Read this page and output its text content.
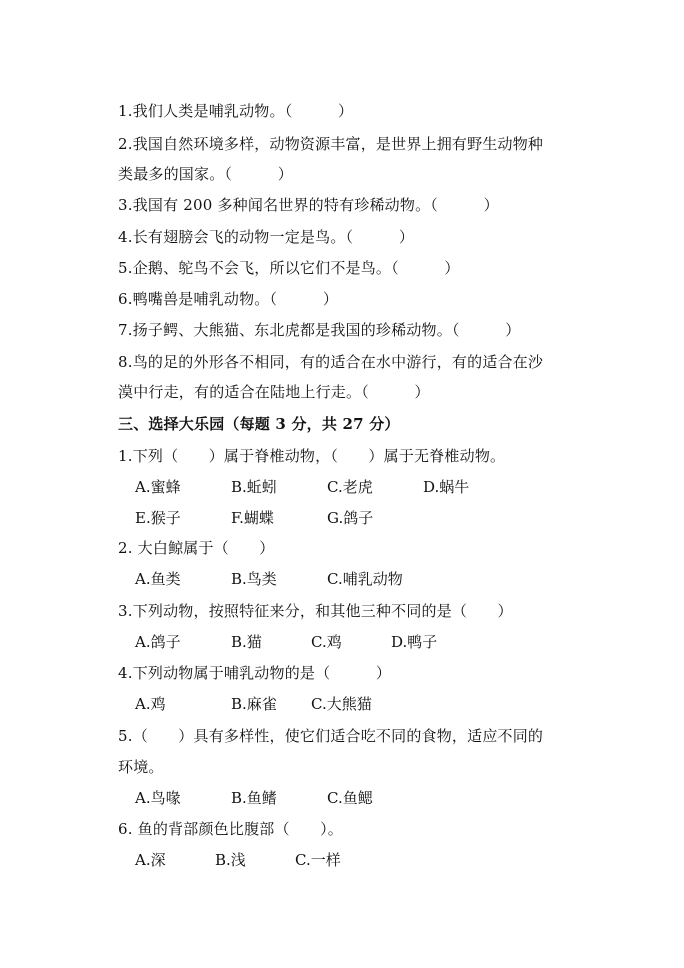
1.我们人类是哺乳动物。（　　　）
2.我国自然环境多样，动物资源丰富，是世界上拥有野生动物种
类最多的国家。（　　　）
3.我国有 200 多种闻名世界的特有珍稀动物。（　　　）
4.长有翅膀会飞的动物一定是鸟。（　　　）
5.企鹅、鸵鸟不会飞，所以它们不是鸟。（　　　）
6.鸭嘴兽是哺乳动物。（　　　）
7.扬子鳄、大熊猫、东北虎都是我国的珍稀动物。（　　　）
8.鸟的足的外形各不相同，有的适合在水中游行，有的适合在沙
漠中行走，有的适合在陆地上行走。（　　　）
三、选择大乐园（每题 3 分，共 27 分）
1.下列（　　）属于脊椎动物，（　　）属于无脊椎动物。
A.蜜蜂	B.蚯蚓	C.老虎	D.蜗牛
E.猴子	F.蝴蝶	G.鸽子
2. 大白鲸属于（　　）
A.鱼类	B.鸟类	C.哺乳动物
3.下列动物，按照特征来分，和其他三种不同的是（　　）
A.鸽子	B.猫	C.鸡	D.鸭子
4.下列动物属于哺乳动物的是（　　　）
A.鸡	B.麻雀 C.大熊猫
5.（　　）具有多样性，使它们适合吃不同的食物，适应不同的
环境。
A.鸟喙	B.鱼鳍	C.鱼鳃
6. 鱼的背部颜色比腹部（　　）。
A.深	B.浅	C.一样
